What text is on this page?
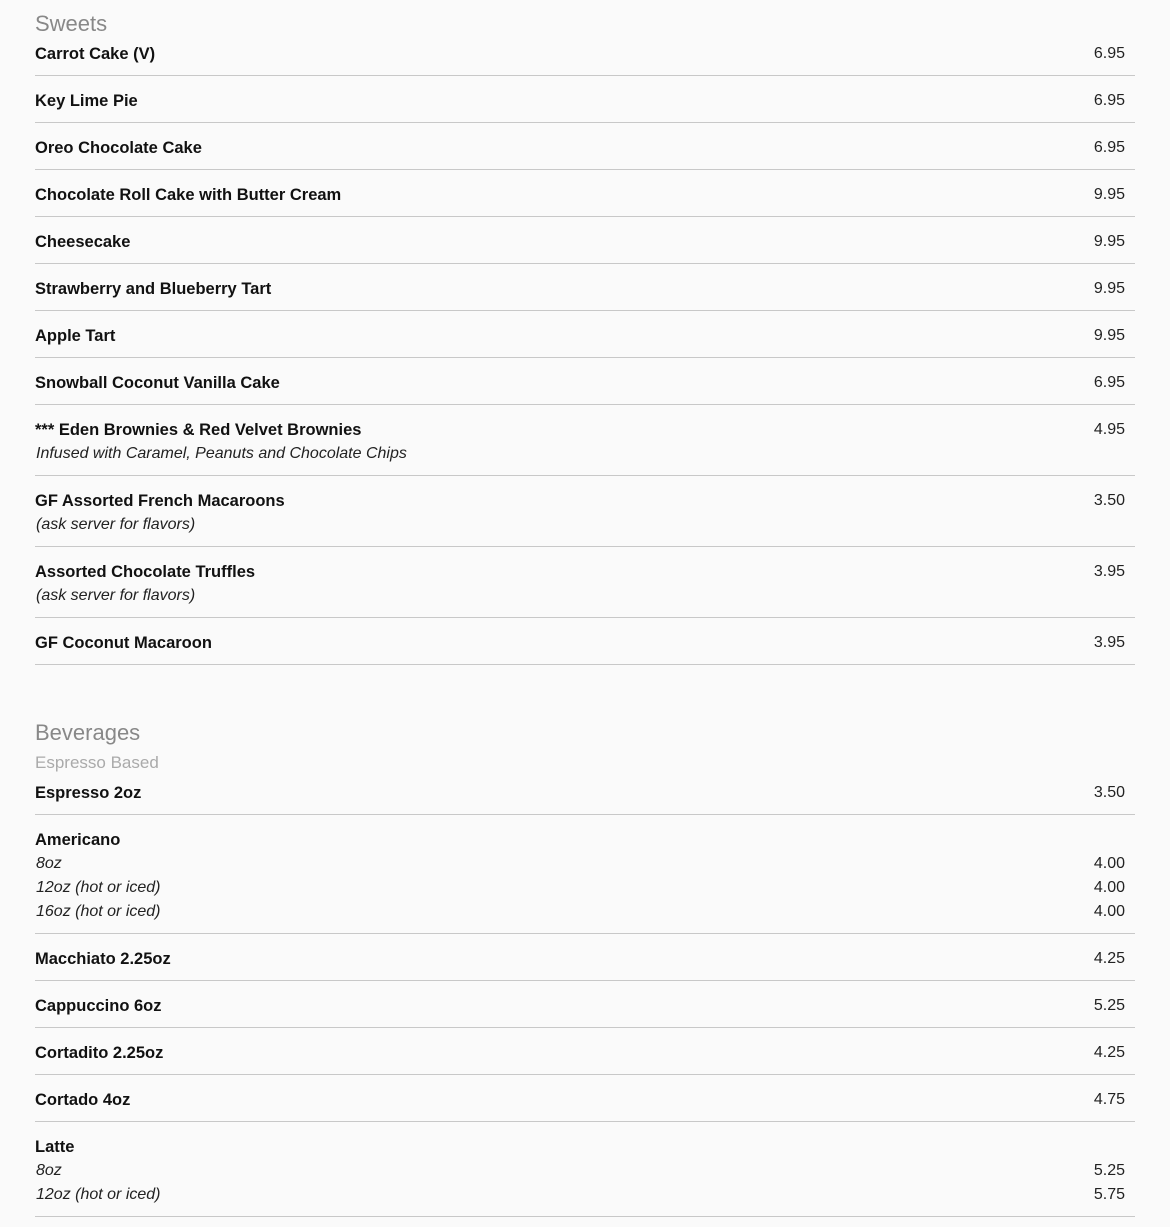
Sweets
Carrot Cake (V)	6.95
Key Lime Pie	6.95
Oreo Chocolate Cake	6.95
Chocolate Roll Cake with Butter Cream	9.95
Cheesecake	9.95
Strawberry and Blueberry Tart	9.95
Apple Tart	9.95
Snowball Coconut Vanilla Cake	6.95
*** Eden Brownies & Red Velvet Brownies	4.95
Infused with Caramel, Peanuts and Chocolate Chips
GF Assorted French Macaroons	3.50
(ask server for flavors)
Assorted Chocolate Truffles	3.95
(ask server for flavors)
GF Coconut Macaroon	3.95
Beverages
Espresso Based
Espresso 2oz	3.50
Americano
8oz	4.00
12oz (hot or iced)	4.00
16oz (hot or iced)	4.00
Macchiato 2.25oz	4.25
Cappuccino 6oz	5.25
Cortadito 2.25oz	4.25
Cortado 4oz	4.75
Latte
8oz	5.25
12oz (hot or iced)	5.75
